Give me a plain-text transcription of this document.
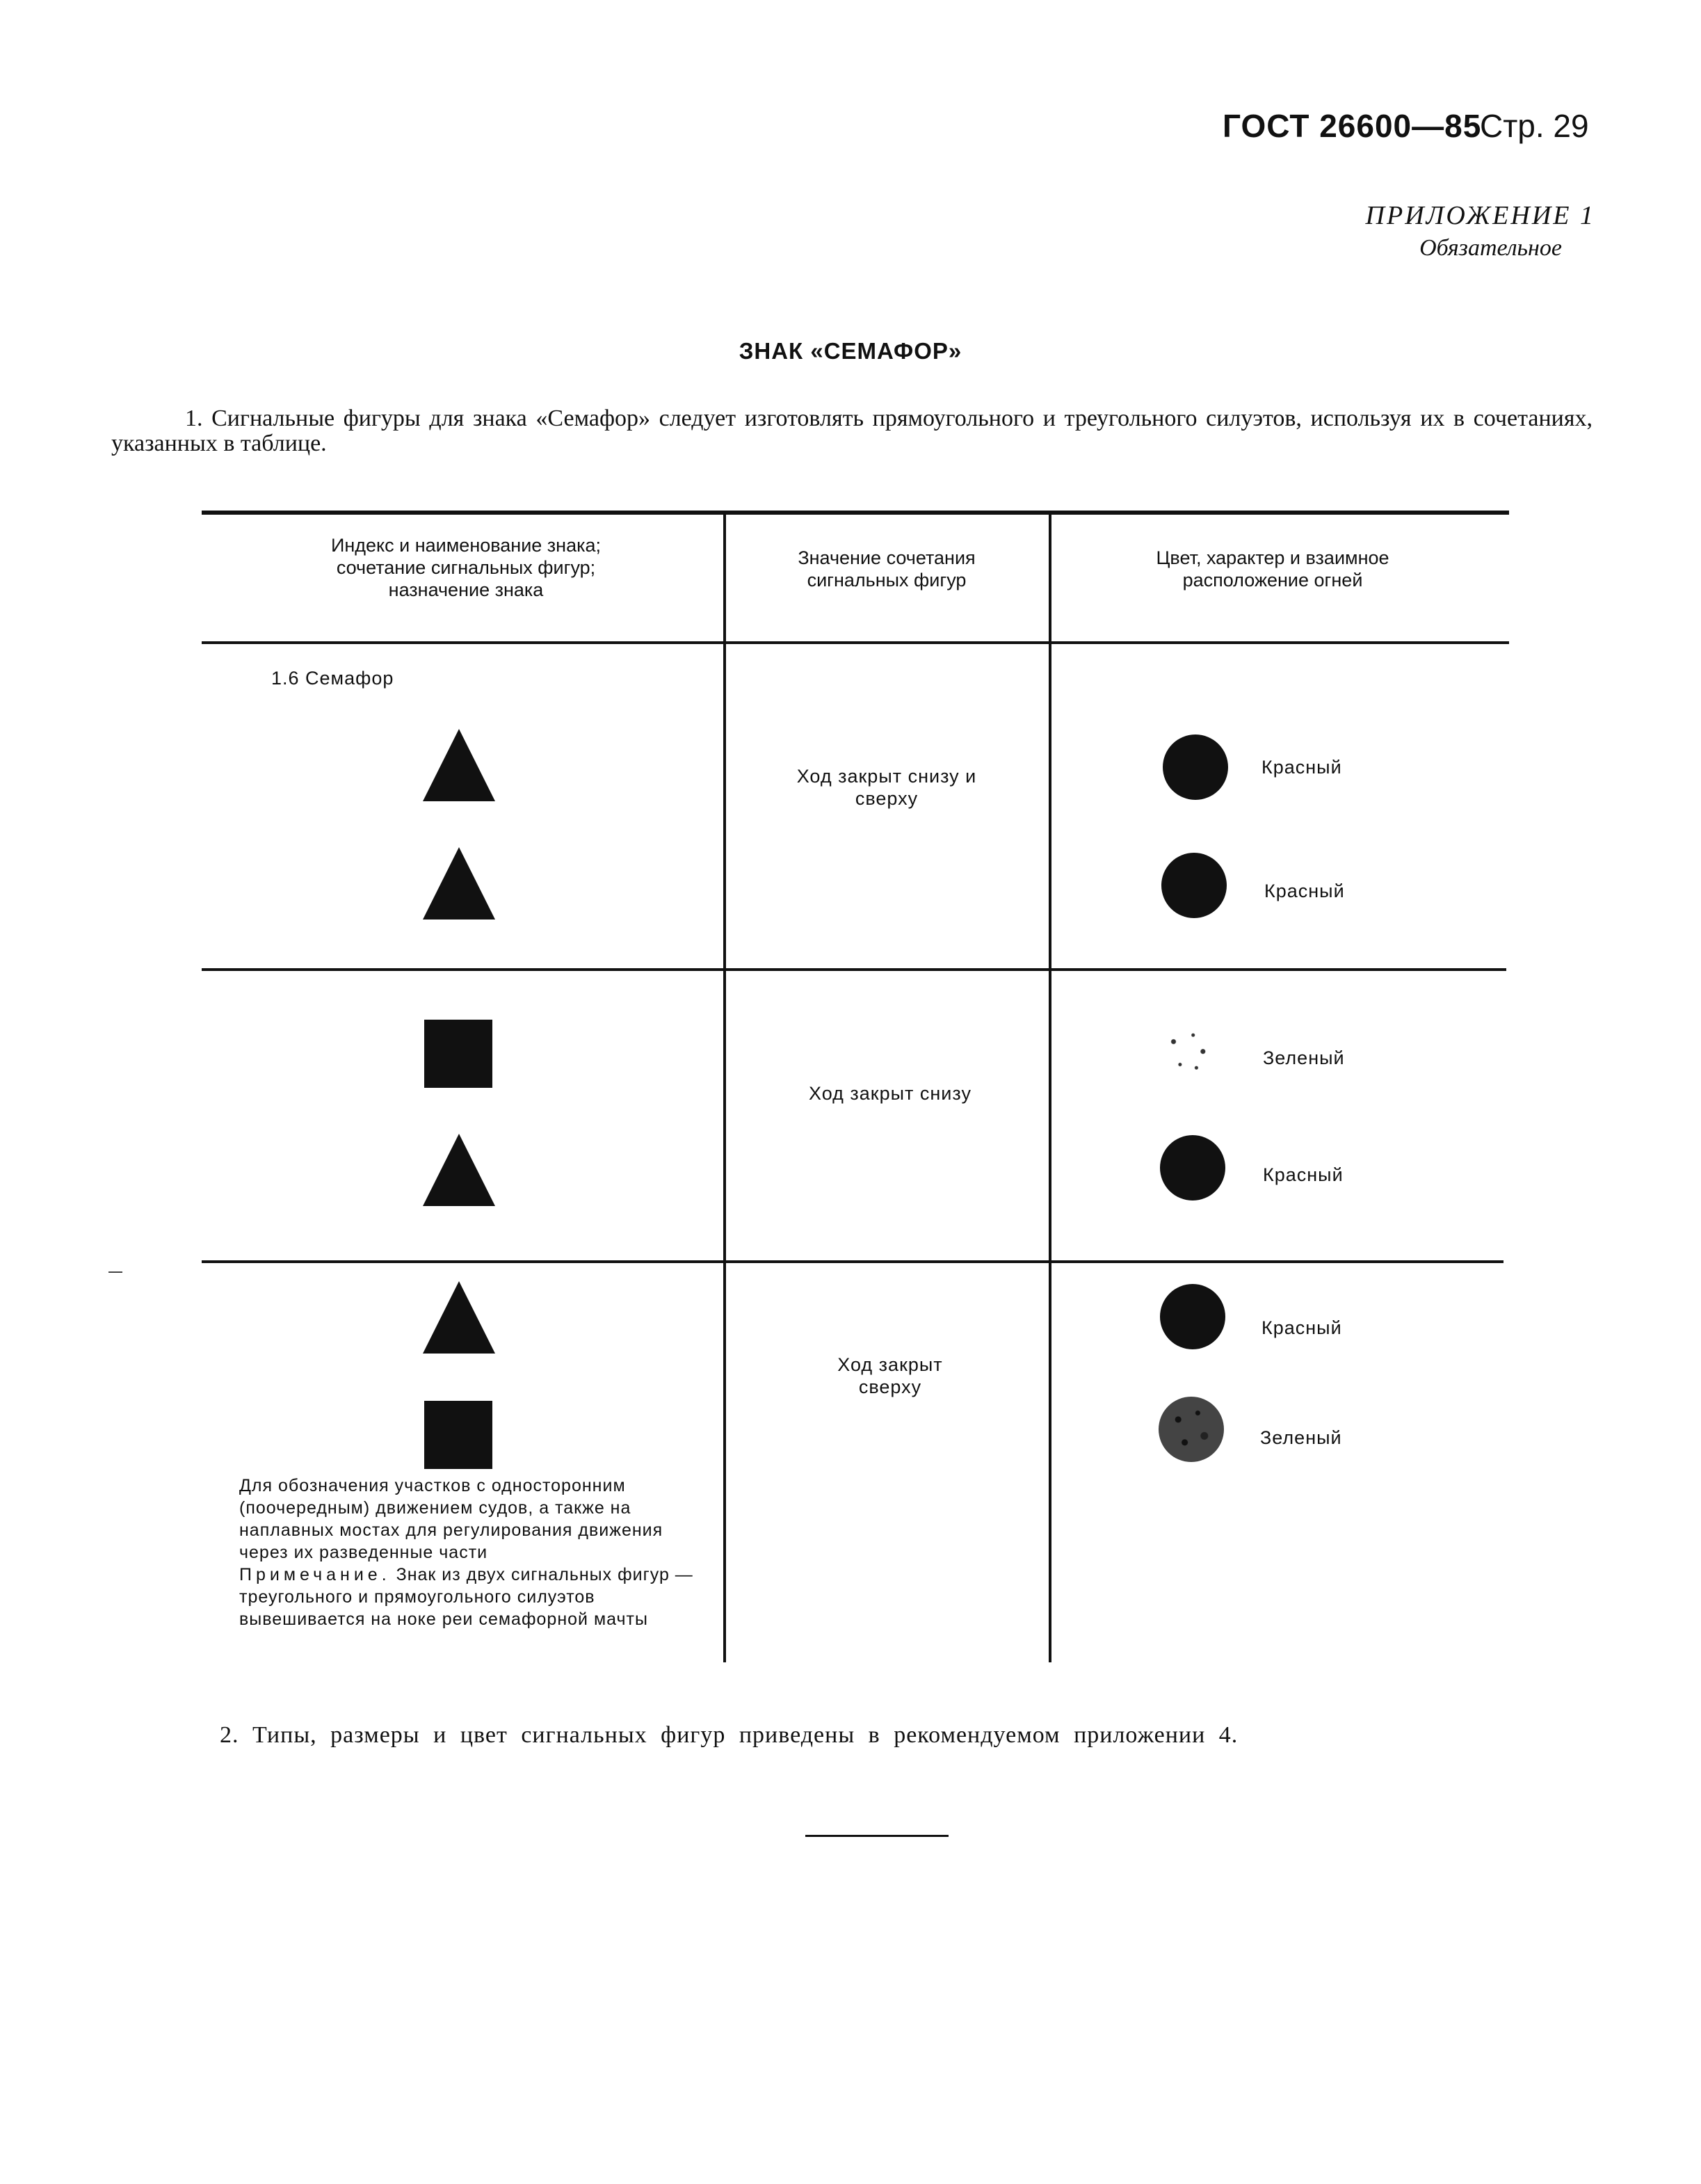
ГОСТ 26600—85
Стр. 29
ПРИЛОЖЕНИЕ 1
Обязательное
ЗНАК «СЕМАФОР»
1. Сигнальные фигуры для знака «Семафор» следует изготовлять прямоугольного и треугольного силуэтов, используя их в сочетаниях, указанных в таблице.
Индекс и наименование знака; сочетание сигнальных фигур; назначение знака
Значение сочетания сигнальных фигур
Цвет, характер и взаимное расположение огней
1.6 Семафор
Ход закрыт снизу и сверху
Красный
Красный
Ход закрыт снизу
Зеленый
Красный
Ход закрыт сверху
Красный
Зеленый
Для обозначения участков с односторонним (поочередным) движением судов, а также на наплавных мостах для регулирования движения через их разведенные части
Примечание. Знак из двух сигнальных фигур — треугольного и прямоугольного силуэтов вывешивается на ноке реи семафорной мачты
2. Типы, размеры и цвет сигнальных фигур приведены в рекомендуемом приложении 4.
